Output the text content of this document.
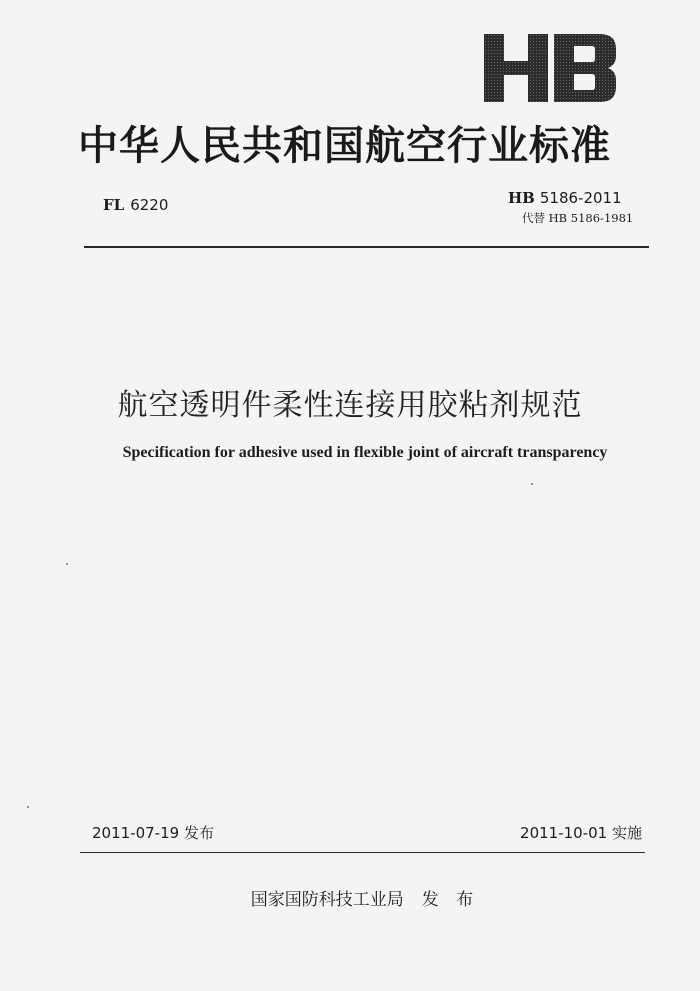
中华人民共和国航空行业标准
FL 6220	HB 5186-2011
代替 HB 5186-1981
航空透明件柔性连接用胶粘剂规范
Specification for adhesive used in flexible joint of aircraft transparency
2011-07-19 发布	2011-10-01 实施
国家国防科技工业局 发 布
